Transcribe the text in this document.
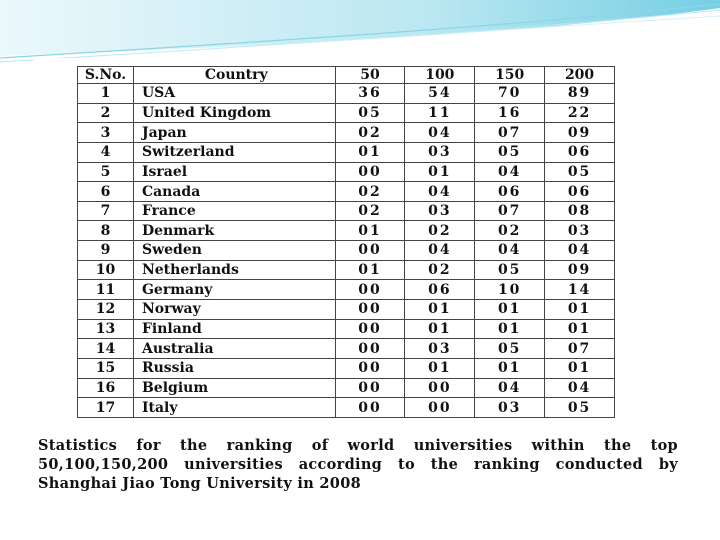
S.No.	Country	50	100	150	200
1	USA	36	54	70	89
2	United Kingdom	05	11	16	22
3	Japan	02	04	07	09
4	Switzerland	01	03	05	06
5	Israel	00	01	04	05
6	Canada	02	04	06	06
7	France	02	03	07	08
8	Denmark	01	02	02	03
9	Sweden	00	04	04	04
10	Netherlands	01	02	05	09
11	Germany	00	06	10	14
12	Norway	00	01	01	01
13	Finland	00	01	01	01
14	Australia	00	03	05	07
15	Russia	00	01	01	01
16	Belgium	00	00	04	04
17	Italy	00	00	03	05
Statistics for the ranking of world universities within the top 50,100,150,200 universities according to the ranking conducted by Shanghai Jiao Tong University in 2008
